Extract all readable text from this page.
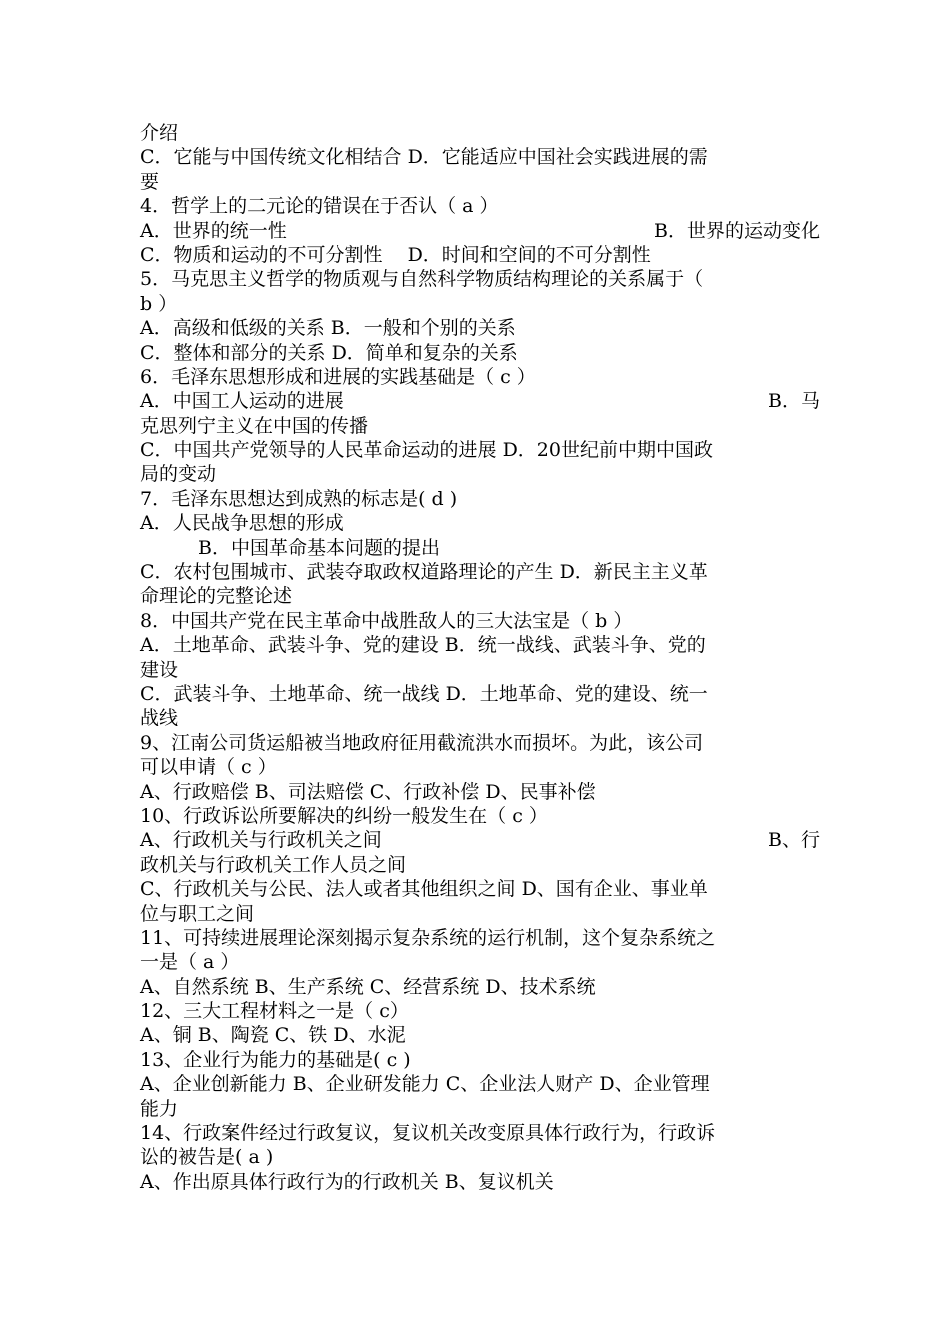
介绍
C．它能与中国传统文化相结合 D．它能适应中国社会实践进展的需
要
4．哲学上的二元论的错误在于否认（ a ）
A．世界的统一性	B．世界的运动变化
C．物质和运动的不可分割性　 D．时间和空间的不可分割性
5．马克思主义哲学的物质观与自然科学物质结构理论的关系属于（
b ）
A．高级和低级的关系 B．一般和个别的关系
C．整体和部分的关系 D．简单和复杂的关系
6．毛泽东思想形成和进展的实践基础是（ c ）
A．中国工人运动的进展	B．马
克思列宁主义在中国的传播
C．中国共产党领导的人民革命运动的进展 D．20世纪前中期中国政
局的变动
7．毛泽东思想达到成熟的标志是( d )
A．人民战争思想的形成
B．中国革命基本问题的提出
C．农村包围城市、武装夺取政权道路理论的产生 D．新民主主义革
命理论的完整论述
8．中国共产党在民主革命中战胜敌人的三大法宝是（ b ）
A．土地革命、武装斗争、党的建设 B．统一战线、武装斗争、党的
建设
C．武装斗争、土地革命、统一战线 D．土地革命、党的建设、统一
战线
9、江南公司货运船被当地政府征用截流洪水而损坏。为此，该公司
可以申请（ c ）
A、行政赔偿 B、司法赔偿 C、行政补偿 D、民事补偿
10、行政诉讼所要解决的纠纷一般发生在（ c ）
A、行政机关与行政机关之间	B、行
政机关与行政机关工作人员之间
C、行政机关与公民、法人或者其他组织之间 D、国有企业、事业单
位与职工之间
11、可持续进展理论深刻揭示复杂系统的运行机制，这个复杂系统之
一是（ a ）
A、自然系统 B、生产系统 C、经营系统 D、技术系统
12、三大工程材料之一是（ c）
A、铜 B、陶瓷 C、铁 D、水泥
13、企业行为能力的基础是( c )
A、企业创新能力 B、企业研发能力 C、企业法人财产 D、企业管理
能力
14、行政案件经过行政复议，复议机关改变原具体行政行为，行政诉
讼的被告是( a )
A、作出原具体行政行为的行政机关 B、复议机关
